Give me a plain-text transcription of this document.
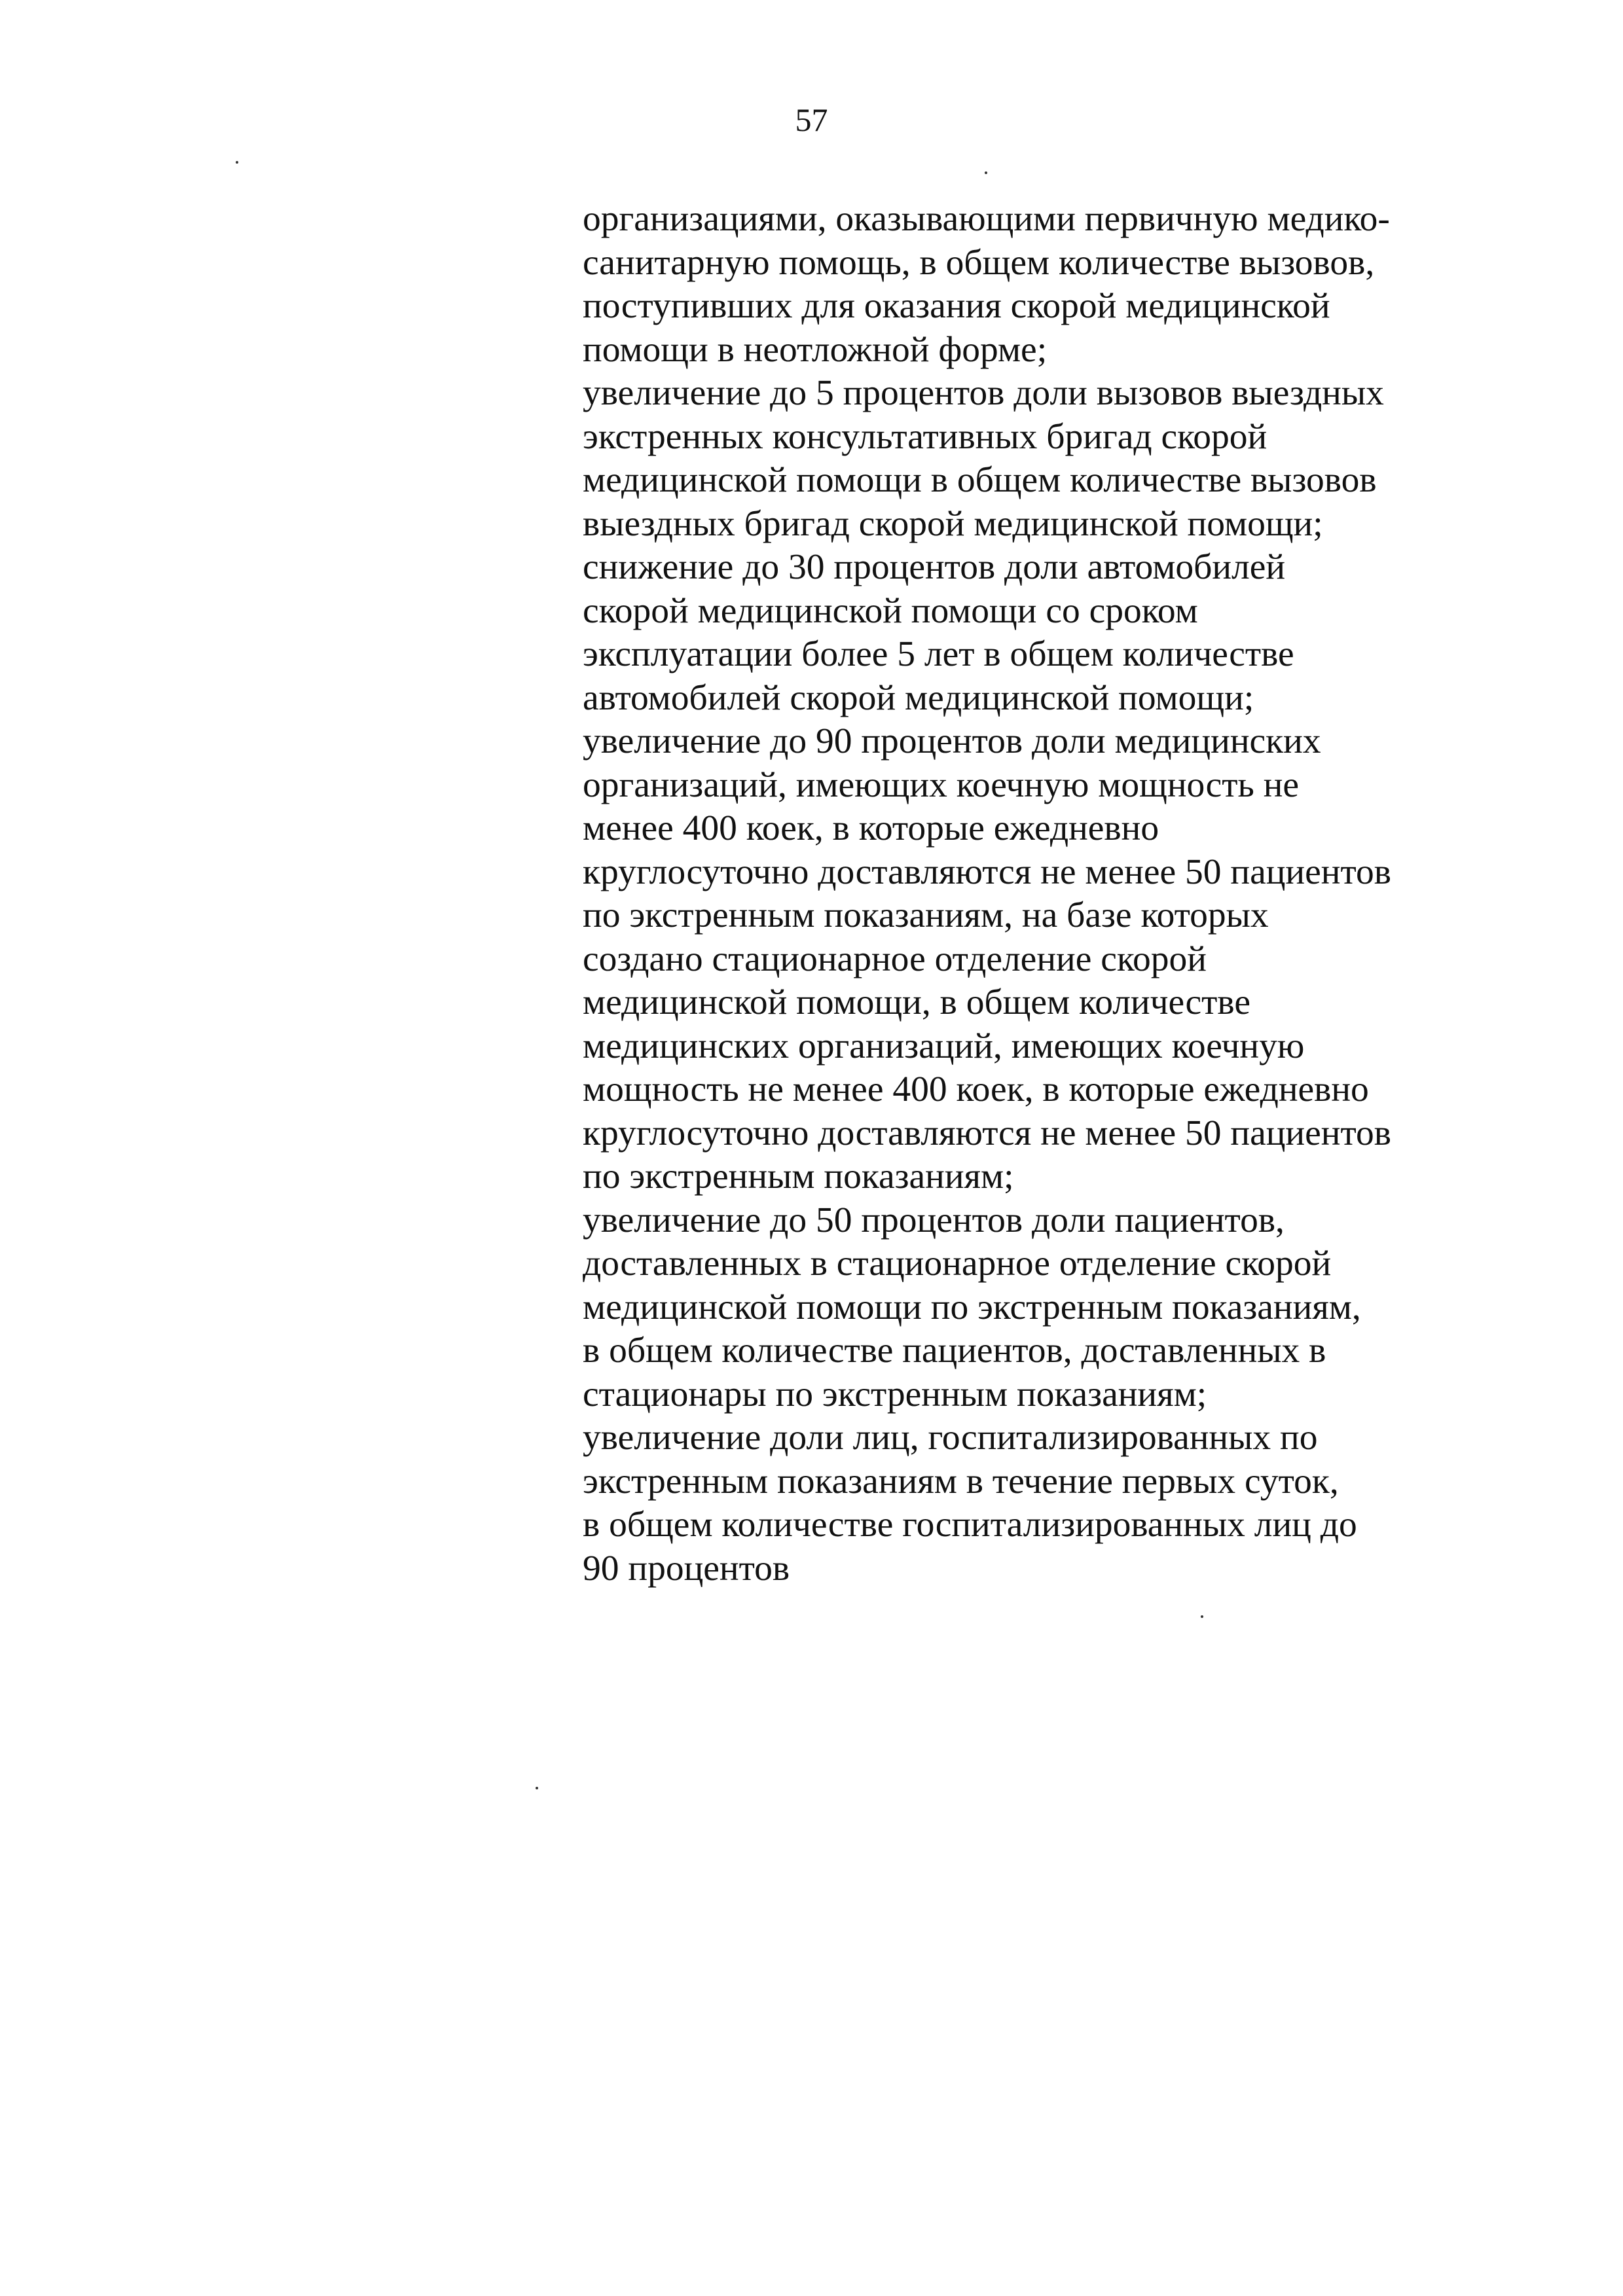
57
организациями, оказывающими первичную медико-
санитарную помощь, в общем количестве вызовов,
поступивших для оказания скорой медицинской
помощи в неотложной форме;
увеличение до 5 процентов доли вызовов выездных
экстренных консультативных бригад скорой
медицинской помощи в общем количестве вызовов
выездных бригад скорой медицинской помощи;
снижение до 30 процентов доли автомобилей
скорой медицинской помощи со сроком
эксплуатации более 5 лет в общем количестве
автомобилей скорой медицинской помощи;
увеличение до 90 процентов доли медицинских
организаций, имеющих коечную мощность не
менее 400 коек, в которые ежедневно
круглосуточно доставляются не менее 50 пациентов
по экстренным показаниям, на базе которых
создано стационарное отделение скорой
медицинской помощи, в общем количестве
медицинских организаций, имеющих коечную
мощность не менее 400 коек, в которые ежедневно
круглосуточно доставляются не менее 50 пациентов
по экстренным показаниям;
увеличение до 50 процентов доли пациентов,
доставленных в стационарное отделение скорой
медицинской помощи по экстренным показаниям,
в общем количестве пациентов, доставленных в
стационары по экстренным показаниям;
увеличение доли лиц, госпитализированных по
экстренным показаниям в течение первых суток,
в общем количестве госпитализированных лиц до
90 процентов
